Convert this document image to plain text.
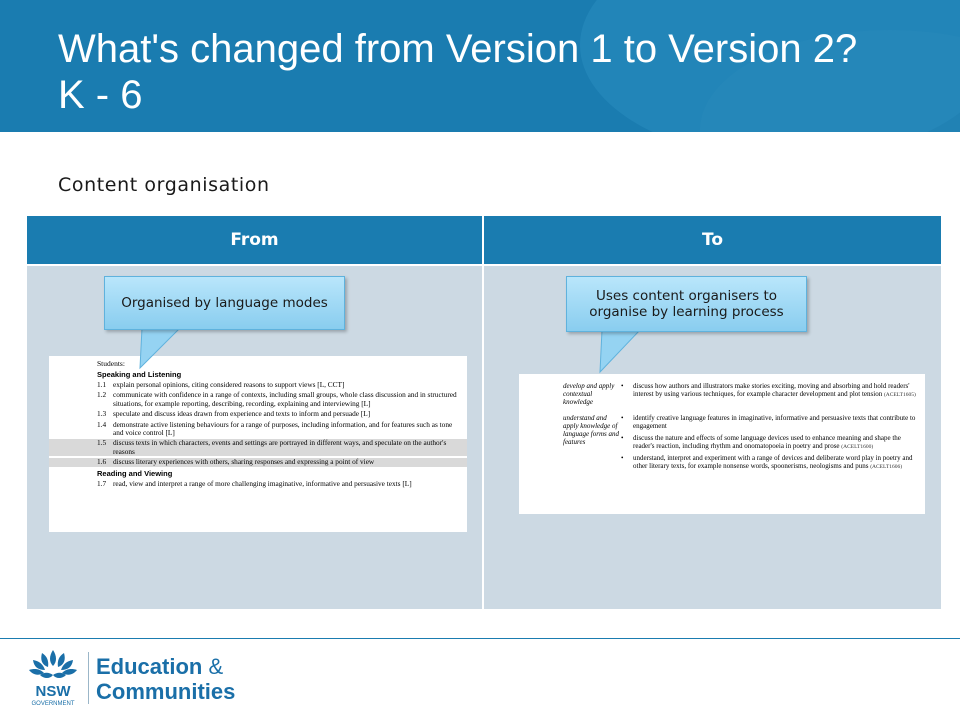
What's changed from Version 1 to Version 2?
K - 6
Content organisation
From	To
Students:
Speaking and Listening
1.1 explain personal opinions, citing considered reasons to support views [L, CCT]
1.2 communicate with confidence in a range of contexts, including small groups, whole class discussion and in structured situations, for example reporting, describing, recording, explaining and interviewing [L]
1.3 speculate and discuss ideas drawn from experience and texts to inform and persuade [L]
1.4 demonstrate active listening behaviours for a range of purposes, including information, and for features such as tone and voice control [L]
1.5 discuss texts in which characters, events and settings are portrayed in different ways, and speculate on the author's reasons
1.6 discuss literary experiences with others, sharing responses and expressing a point of view
Reading and Viewing
1.7 read, view and interpret a range of more challenging imaginative, informative and persuasive texts [L]
develop and apply contextual knowledge
•	discuss how authors and illustrators make stories exciting, moving and absorbing and hold readers' interest by using various techniques, for example character development and plot tension (ACELT1605)
understand and apply knowledge of language forms and features
•	identify creative language features in imaginative, informative and persuasive texts that contribute to engagement
•	discuss the nature and effects of some language devices used to enhance meaning and shape the reader's reaction, including rhythm and onomatopoeia in poetry and prose (ACELT1600)
•	understand, interpret and experiment with a range of devices and deliberate word play in poetry and other literary texts, for example nonsense words, spoonerisms, neologisms and puns (ACELT1606)
Organised by language modes	Uses content organisers to organise by learning process
NSW
GOVERNMENT
Education &
Communities
